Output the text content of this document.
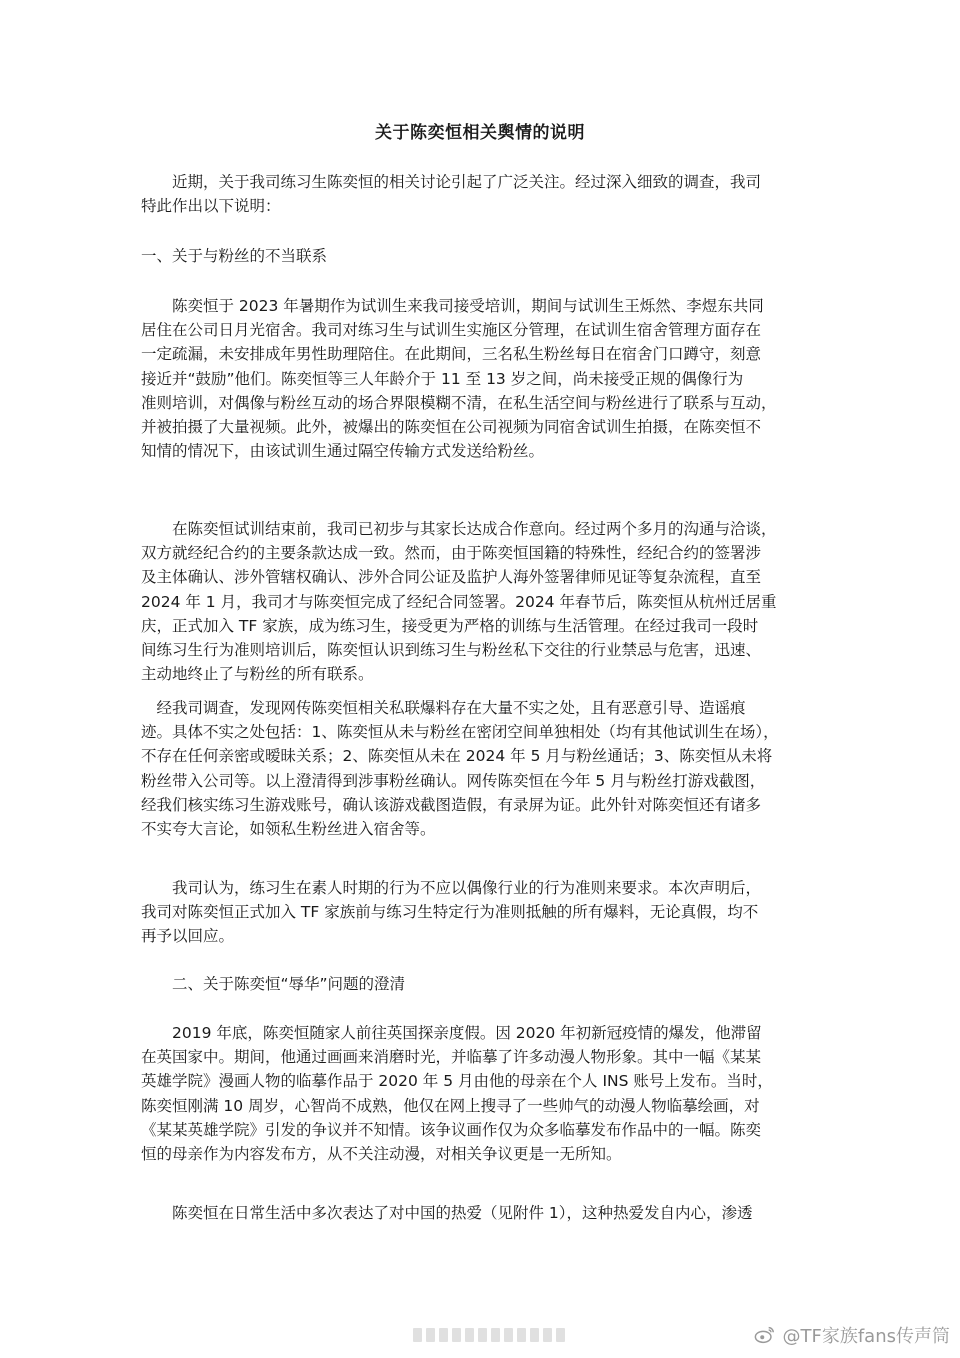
关于陈奕恒相关舆情的说明
　　近期，关于我司练习生陈奕恒的相关讨论引起了广泛关注。经过深入细致的调查，我司
特此作出以下说明：
一、关于与粉丝的不当联系
　　陈奕恒于 2023 年暑期作为试训生来我司接受培训，期间与试训生王烁然、李煜东共同
居住在公司日月光宿舍。我司对练习生与试训生实施区分管理，在试训生宿舍管理方面存在
一定疏漏，未安排成年男性助理陪住。在此期间，三名私生粉丝每日在宿舍门口蹲守，刻意
接近并“鼓励”他们。陈奕恒等三人年龄介于 11 至 13 岁之间，尚未接受正规的偶像行为
准则培训，对偶像与粉丝互动的场合界限模糊不清，在私生活空间与粉丝进行了联系与互动，
并被拍摄了大量视频。此外，被爆出的陈奕恒在公司视频为同宿舍试训生拍摄，在陈奕恒不
知情的情况下，由该试训生通过隔空传输方式发送给粉丝。
　　在陈奕恒试训结束前，我司已初步与其家长达成合作意向。经过两个多月的沟通与洽谈，
双方就经纪合约的主要条款达成一致。然而，由于陈奕恒国籍的特殊性，经纪合约的签署涉
及主体确认、涉外管辖权确认、涉外合同公证及监护人海外签署律师见证等复杂流程，直至
2024 年 1 月，我司才与陈奕恒完成了经纪合同签署。2024 年春节后，陈奕恒从杭州迁居重
庆，正式加入 TF 家族，成为练习生，接受更为严格的训练与生活管理。在经过我司一段时
间练习生行为准则培训后，陈奕恒认识到练习生与粉丝私下交往的行业禁忌与危害，迅速、
主动地终止了与粉丝的所有联系。
　经我司调查，发现网传陈奕恒相关私联爆料存在大量不实之处，且有恶意引导、造谣痕
迹。具体不实之处包括：1、陈奕恒从未与粉丝在密闭空间单独相处（均有其他试训生在场），
不存在任何亲密或暧昧关系；2、陈奕恒从未在 2024 年 5 月与粉丝通话；3、陈奕恒从未将
粉丝带入公司等。以上澄清得到涉事粉丝确认。网传陈奕恒在今年 5 月与粉丝打游戏截图，
经我们核实练习生游戏账号，确认该游戏截图造假，有录屏为证。此外针对陈奕恒还有诸多
不实夸大言论，如领私生粉丝进入宿舍等。
　　我司认为，练习生在素人时期的行为不应以偶像行业的行为准则来要求。本次声明后，
我司对陈奕恒正式加入 TF 家族前与练习生特定行为准则抵触的所有爆料，无论真假，均不
再予以回应。
二、关于陈奕恒“辱华”问题的澄清
　　2019 年底，陈奕恒随家人前往英国探亲度假。因 2020 年初新冠疫情的爆发，他滞留
在英国家中。期间，他通过画画来消磨时光，并临摹了许多动漫人物形象。其中一幅《某某
英雄学院》漫画人物的临摹作品于 2020 年 5 月由他的母亲在个人 INS 账号上发布。当时，
陈奕恒刚满 10 周岁，心智尚不成熟，他仅在网上搜寻了一些帅气的动漫人物临摹绘画，对
《某某英雄学院》引发的争议并不知情。该争议画作仅为众多临摹发布作品中的一幅。陈奕
恒的母亲作为内容发布方，从不关注动漫，对相关争议更是一无所知。
　　陈奕恒在日常生活中多次表达了对中国的热爱（见附件 1），这种热爱发自内心，渗透
@TF家族fans传声筒
